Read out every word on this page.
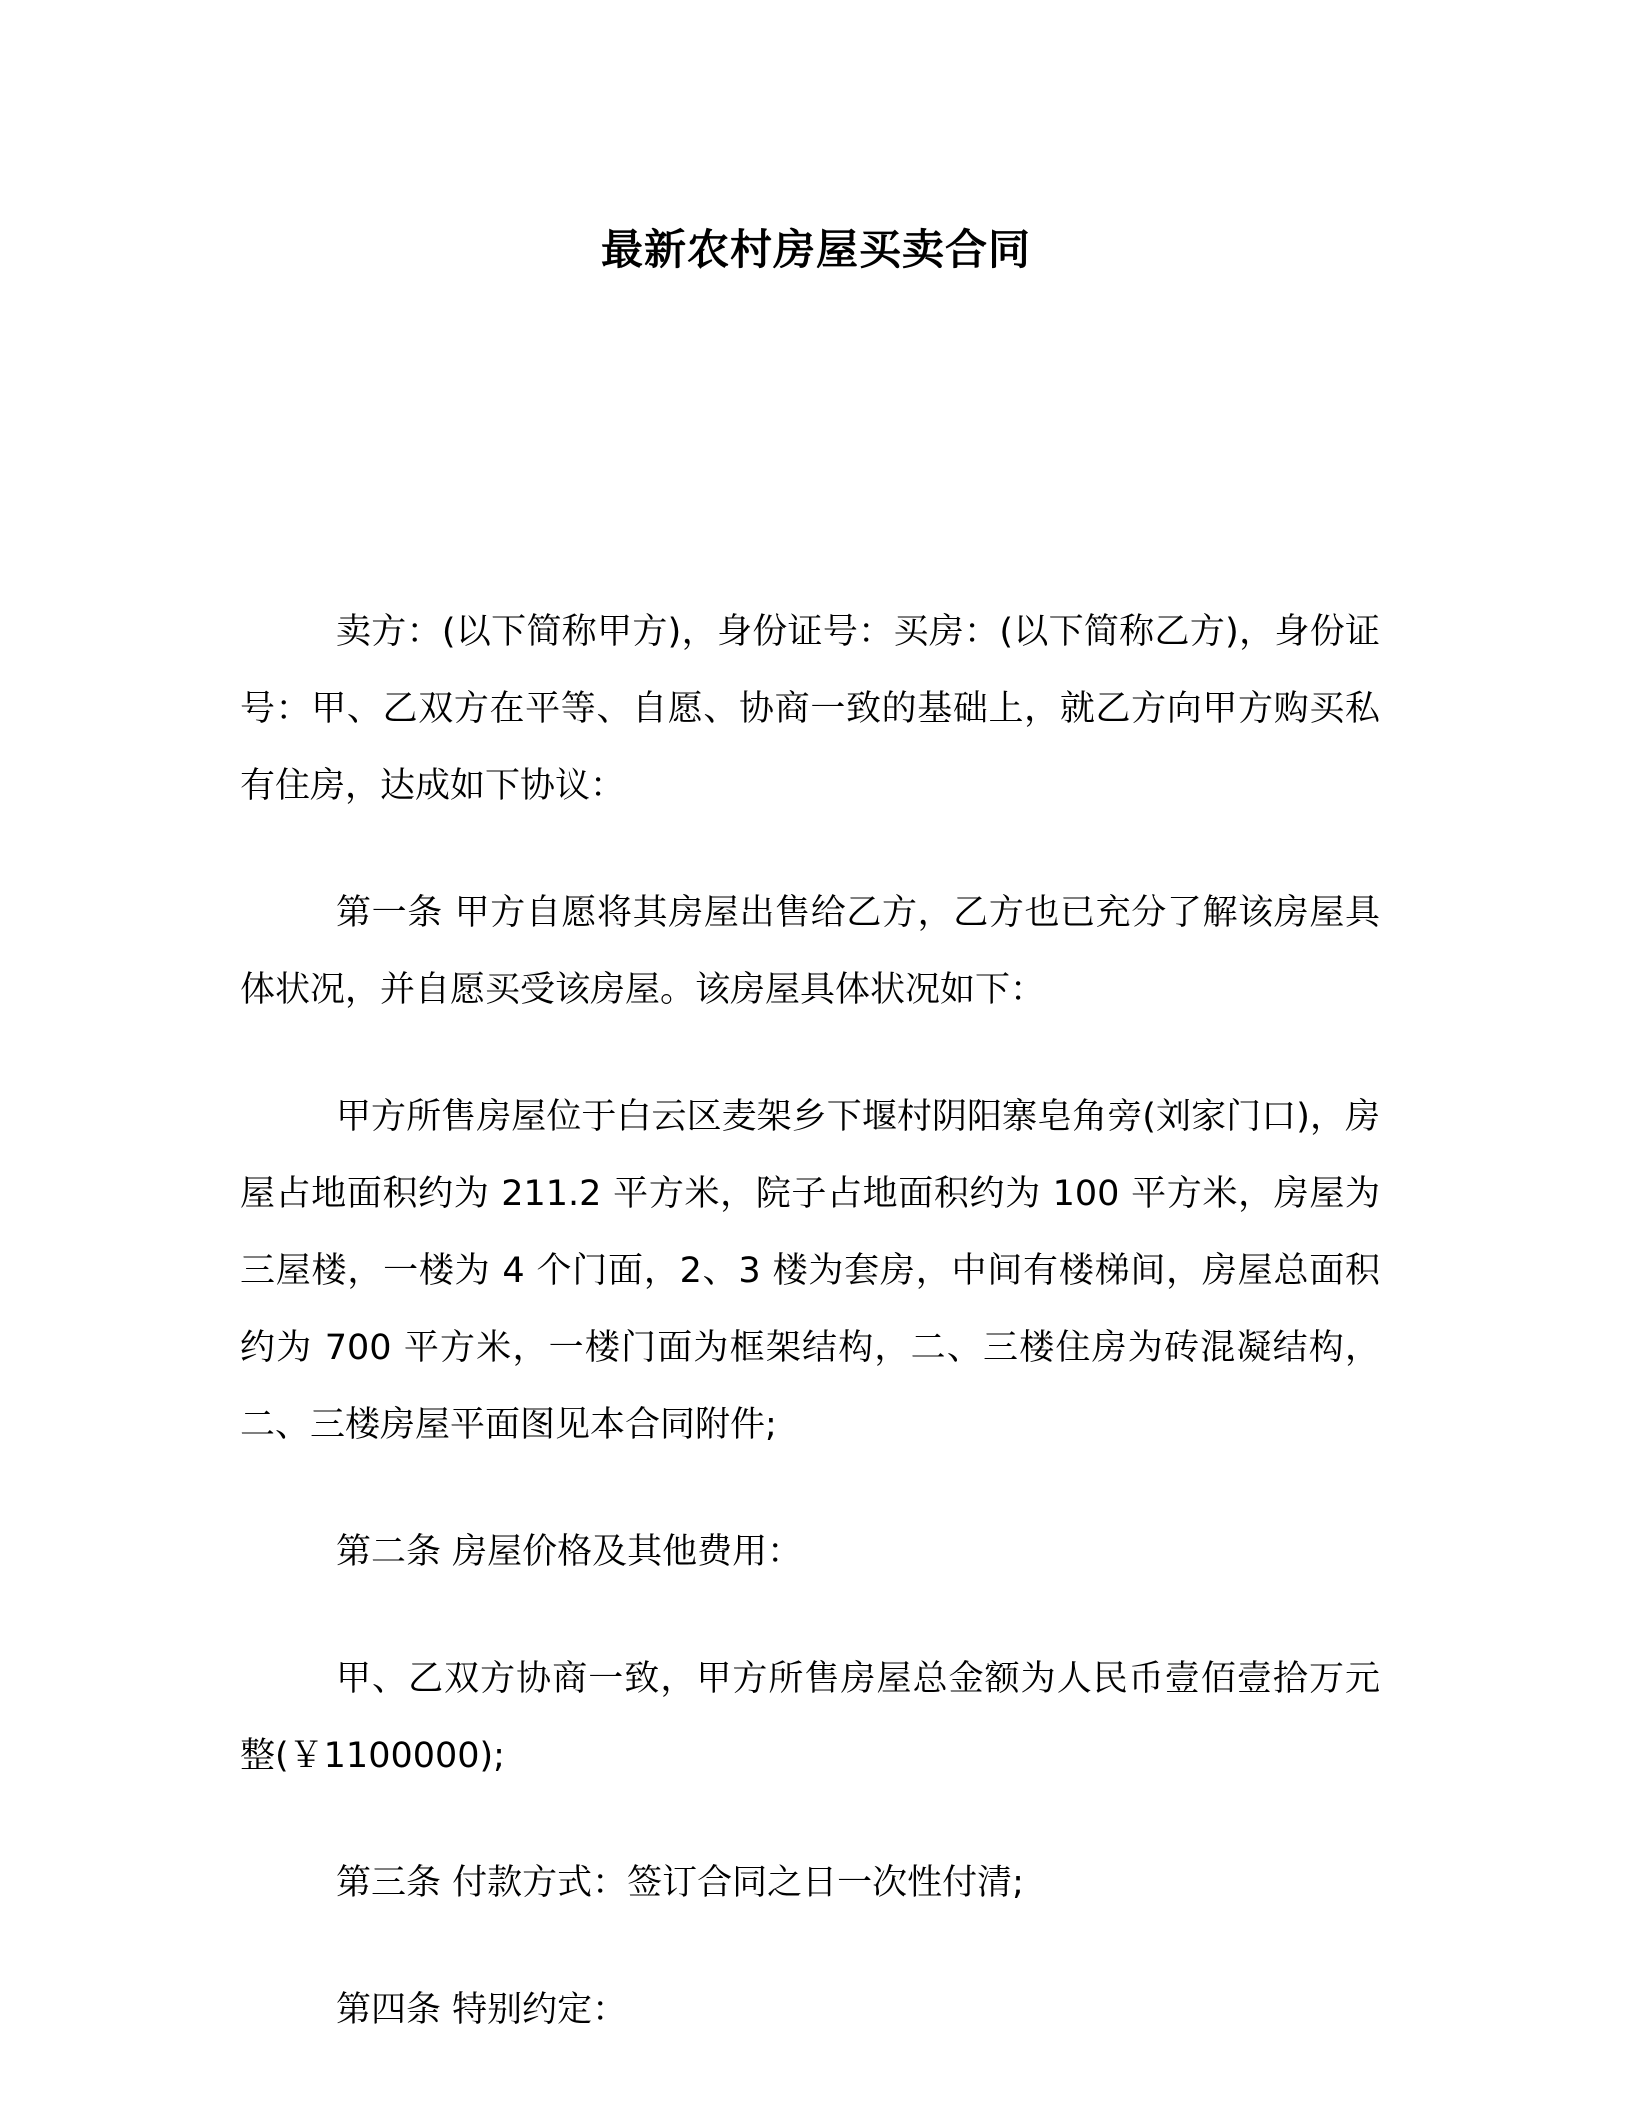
最新农村房屋买卖合同

卖方：(以下简称甲方)，身份证号：买房：(以下简称乙方)，身份证号：甲、乙双方在平等、自愿、协商一致的基础上，就乙方向甲方购买私有住房，达成如下协议：

第一条 甲方自愿将其房屋出售给乙方，乙方也已充分了解该房屋具体状况，并自愿买受该房屋。该房屋具体状况如下：

甲方所售房屋位于白云区麦架乡下堰村阴阳寨皂角旁(刘家门口)，房屋占地面积约为 211.2 平方米，院子占地面积约为 100 平方米，房屋为三屋楼，一楼为 4 个门面，2、3 楼为套房，中间有楼梯间，房屋总面积约为 700 平方米，一楼门面为框架结构，二、三楼住房为砖混凝结构，二、三楼房屋平面图见本合同附件;

第二条 房屋价格及其他费用：

甲、乙双方协商一致，甲方所售房屋总金额为人民币壹佰壹拾万元整(￥1100000);

第三条 付款方式：签订合同之日一次性付清;

第四条 特别约定：
